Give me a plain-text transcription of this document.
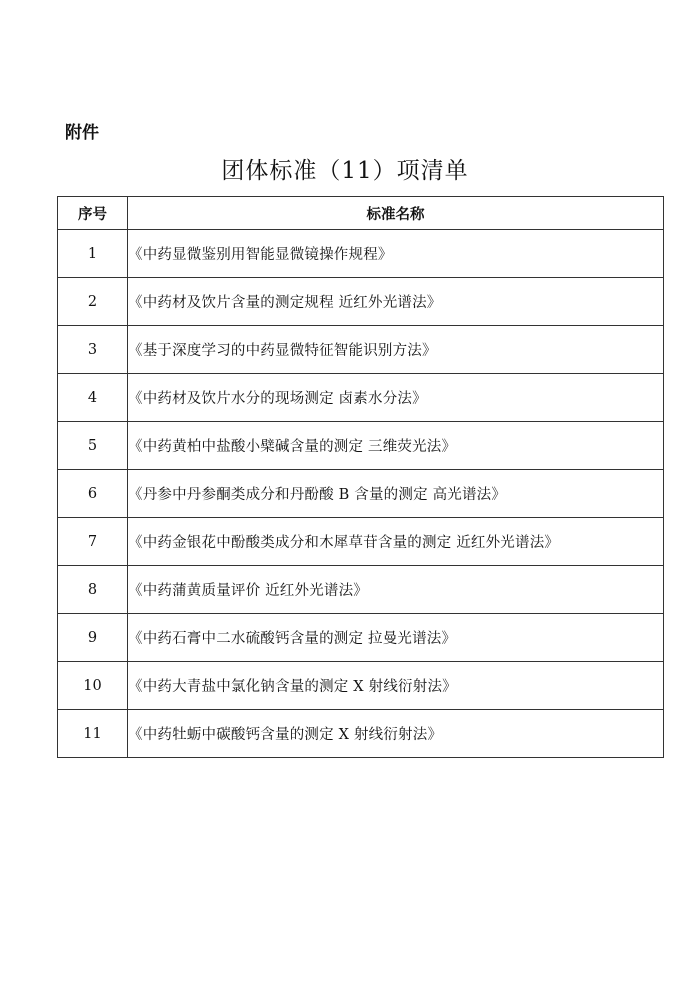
附件

团体标准（11）项清单
序号	标准名称
1	《中药显微鉴别用智能显微镜操作规程》
2	《中药材及饮片含量的测定规程 近红外光谱法》
3	《基于深度学习的中药显微特征智能识别方法》
4	《中药材及饮片水分的现场测定 卤素水分法》
5	《中药黄柏中盐酸小檗碱含量的测定 三维荧光法》
6	《丹参中丹参酮类成分和丹酚酸 B 含量的测定 高光谱法》
7	《中药金银花中酚酸类成分和木犀草苷含量的测定 近红外光谱法》
8	《中药蒲黄质量评价 近红外光谱法》
9	《中药石膏中二水硫酸钙含量的测定 拉曼光谱法》
10	《中药大青盐中氯化钠含量的测定 X 射线衍射法》
11	《中药牡蛎中碳酸钙含量的测定 X 射线衍射法》
